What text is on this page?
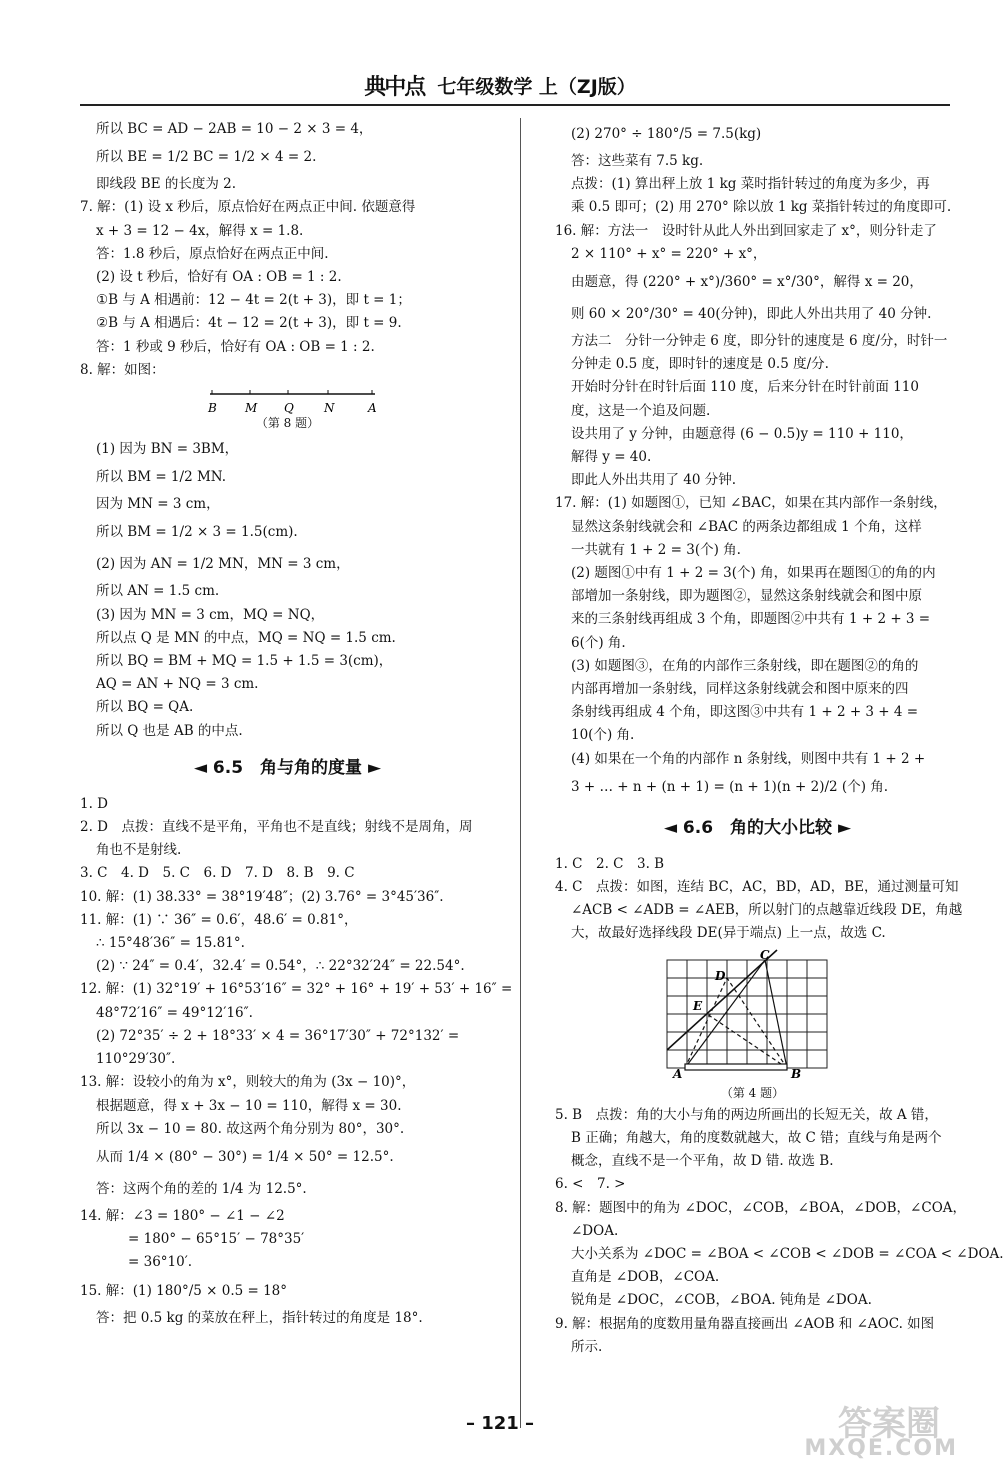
典中点 七年级数学 上（ZJ版）
所以 BC = AD − 2AB = 10 − 2 × 3 = 4，
所以 BE = 1/2 BC = 1/2 × 4 = 2.
即线段 BE 的长度为 2.
7. 解：(1) 设 x 秒后，原点恰好在两点正中间. 依题意得
x + 3 = 12 − 4x，解得 x = 1.8.
答：1.8 秒后，原点恰好在两点正中间.
(2) 设 t 秒后，恰好有 OA : OB = 1 : 2.
①B 与 A 相遇前：12 − 4t = 2(t + 3)，即 t = 1；
②B 与 A 相遇后：4t − 12 = 2(t + 3)，即 t = 9.
答：1 秒或 9 秒后，恰好有 OA : OB = 1 : 2.
8. 解：如图：
B M Q	N	A
（第 8 题）
(1) 因为 BN = 3BM，
所以 BM = 1/2 MN.
因为 MN = 3 cm，
所以 BM = 1/2 × 3 = 1.5(cm).
(2) 因为 AN = 1/2 MN，MN = 3 cm，
所以 AN = 1.5 cm.
(3) 因为 MN = 3 cm，MQ = NQ，
所以点 Q 是 MN 的中点，MQ = NQ = 1.5 cm.
所以 BQ = BM + MQ = 1.5 + 1.5 = 3(cm)，
AQ = AN + NQ = 3 cm.
所以 BQ = QA.
所以 Q 也是 AB 的中点.
◄ 6.5　角与角的度量 ►
1. D
2. D　点拨：直线不是平角，平角也不是直线；射线不是周角，周
角也不是射线.
3. C　4. D　5. C　6. D　7. D　8. B　9. C
10. 解：(1) 38.33° = 38°19′48″；(2) 3.76° = 3°45′36″.
11. 解：(1) ∵ 36″ = 0.6′，48.6′ = 0.81°，
∴ 15°48′36″ = 15.81°.
(2) ∵ 24″ = 0.4′，32.4′ = 0.54°，∴ 22°32′24″ = 22.54°.
12. 解：(1) 32°19′ + 16°53′16″ = 32° + 16° + 19′ + 53′ + 16″ =
48°72′16″ = 49°12′16″.
(2) 72°35′ ÷ 2 + 18°33′ × 4 = 36°17′30″ + 72°132′ =
110°29′30″.
13. 解：设较小的角为 x°，则较大的角为 (3x − 10)°，
根据题意，得 x + 3x − 10 = 110，解得 x = 30.
所以 3x − 10 = 80. 故这两个角分别为 80°，30°.
从而 1/4 × (80° − 30°) = 1/4 × 50° = 12.5°.
答：这两个角的差的 1/4 为 12.5°.
14. 解：∠3 = 180° − ∠1 − ∠2
= 180° − 65°15′ − 78°35′
= 36°10′.
15. 解：(1) 180°/5 × 0.5 = 18°
答：把 0.5 kg 的菜放在秤上，指针转过的角度是 18°.
(2) 270° ÷ 180°/5 = 7.5(kg)
答：这些菜有 7.5 kg.
点拨：(1) 算出秤上放 1 kg 菜时指针转过的角度为多少，再
乘 0.5 即可；(2) 用 270° 除以放 1 kg 菜指针转过的角度即可.
16. 解：方法一　设时针从此人外出到回家走了 x°，则分针走了
2 × 110° + x° = 220° + x°，
由题意，得 (220° + x°)/360° = x°/30°，解得 x = 20，
则 60 × 20°/30° = 40(分钟)，即此人外出共用了 40 分钟.
方法二　分针一分钟走 6 度，即分针的速度是 6 度/分，时针一
分钟走 0.5 度，即时针的速度是 0.5 度/分.
开始时分针在时针后面 110 度，后来分针在时针前面 110
度，这是一个追及问题.
设共用了 y 分钟，由题意得 (6 − 0.5)y = 110 + 110，
解得 y = 40.
即此人外出共用了 40 分钟.
17. 解：(1) 如题图①，已知 ∠BAC，如果在其内部作一条射线，
显然这条射线就会和 ∠BAC 的两条边都组成 1 个角，这样
一共就有 1 + 2 = 3(个) 角.
(2) 题图①中有 1 + 2 = 3(个) 角，如果再在题图①的角的内
部增加一条射线，即为题图②，显然这条射线就会和图中原
来的三条射线再组成 3 个角，即题图②中共有 1 + 2 + 3 =
6(个) 角.
(3) 如题图③，在角的内部作三条射线，即在题图②的角的
内部再增加一条射线，同样这条射线就会和图中原来的四
条射线再组成 4 个角，即这图③中共有 1 + 2 + 3 + 4 =
10(个) 角.
(4) 如果在一个角的内部作 n 条射线，则图中共有 1 + 2 +
3 + … + n + (n + 1) = (n + 1)(n + 2)/2 (个) 角.
◄ 6.6　角的大小比较 ►
1. C　2. C　3. B
4. C　点拨：如图，连结 BC，AC，BD，AD，BE，通过测量可知
∠ACB < ∠ADB = ∠AEB，所以射门的点越靠近线段 DE，角越
大，故最好选择线段 DE(异于端点) 上一点，故选 C.
C
D
E
A	B
（第 4 题）
5. B　点拨：角的大小与角的两边所画出的长短无关，故 A 错，
B 正确；角越大，角的度数就越大，故 C 错；直线与角是两个
概念，直线不是一个平角，故 D 错. 故选 B.
6. <　7. >
8. 解：题图中的角为 ∠DOC，∠COB，∠BOA，∠DOB，∠COA，
∠DOA.
大小关系为 ∠DOC = ∠BOA < ∠COB < ∠DOB = ∠COA < ∠DOA.
直角是 ∠DOB，∠COA.
锐角是 ∠DOC，∠COB，∠BOA. 钝角是 ∠DOA.
9. 解：根据角的度数用量角器直接画出 ∠AOB 和 ∠AOC. 如图
所示.
– 121 –	答案圈
MXQE.COM
